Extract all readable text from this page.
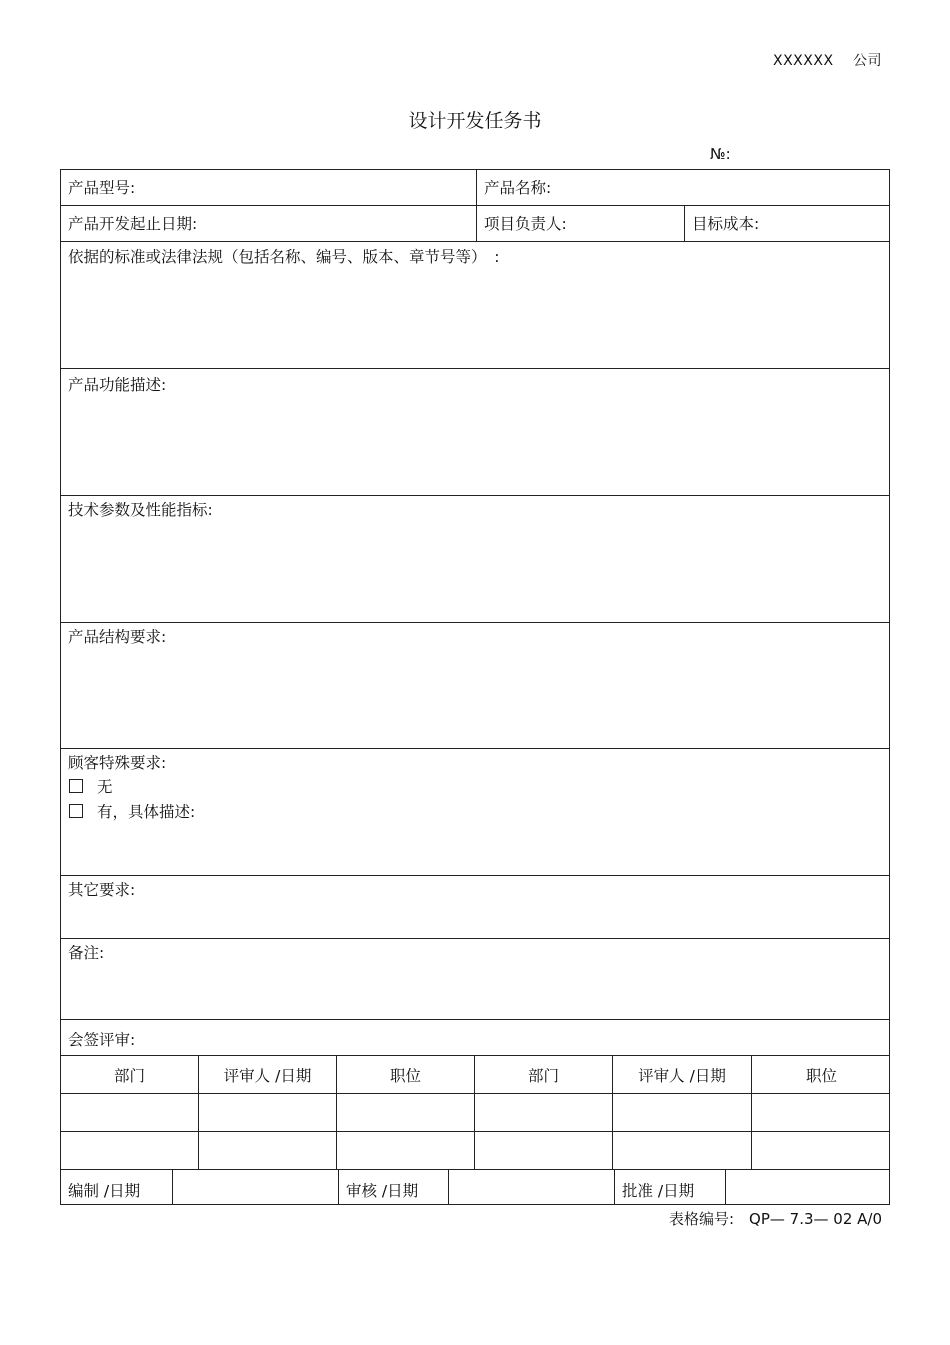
XXXXXX　 公司
设计开发任务书
№:
产品型号:	产品名称:
产品开发起止日期:	项目负责人:	目标成本:
依据的标准或法律法规（包括名称、编号、版本、章节号等）　:
产品功能描述:
技术参数及性能指标:
产品结构要求:
顾客特殊要求:
无
有，具体描述:
其它要求:
备注:
会签评审:
部门	评审人 /日期	职位	部门	评审人 /日期	职位
编制 /日期	审核 /日期	批准 /日期
表格编号:　QP— 7.3— 02 A/0
